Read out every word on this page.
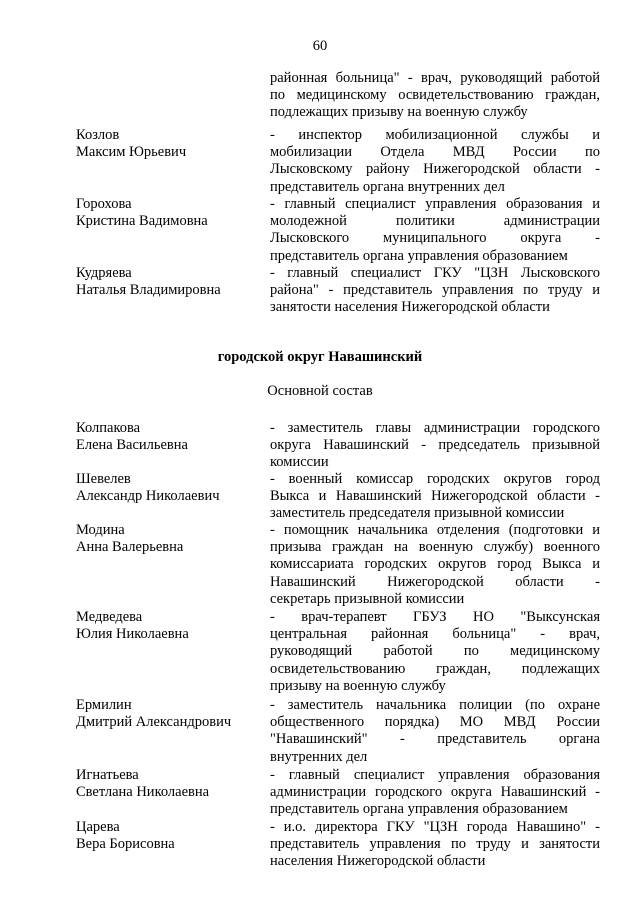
60
районная больница" - врач, руководящий работой
по медицинскому освидетельствованию граждан,
подлежащих призыву на военную службу
Козлов
Максим Юрьевич
- инспектор мобилизационной службы и
мобилизации Отдела МВД России по
Лысковскому району Нижегородской области -
представитель органа внутренних дел
Горохова
Кристина Вадимовна
- главный специалист управления образования и
молодежной политики администрации
Лысковского муниципального округа -
представитель органа управления образованием
Кудряева
Наталья Владимировна
- главный специалист ГКУ "ЦЗН Лысковского
района" - представитель управления по труду и
занятости населения Нижегородской области
городской округ Навашинский
Основной состав
Колпакова
Елена Васильевна
- заместитель главы администрации городского
округа Навашинский - председатель призывной
комиссии
Шевелев
Александр Николаевич
- военный комиссар городских округов город
Выкса и Навашинский Нижегородской области -
заместитель председателя призывной комиссии
Модина
Анна Валерьевна
- помощник начальника отделения (подготовки и
призыва граждан на военную службу) военного
комиссариата городских округов город Выкса и
Навашинский Нижегородской области -
секретарь призывной комиссии
Медведева
Юлия Николаевна
- врач-терапевт ГБУЗ НО "Выксунская
центральная районная больница" - врач,
руководящий работой по медицинскому
освидетельствованию граждан, подлежащих
призыву на военную службу
Ермилин
Дмитрий Александрович
- заместитель начальника полиции (по охране
общественного порядка) МО МВД России
"Навашинский" - представитель органа
внутренних дел
Игнатьева
Светлана Николаевна
- главный специалист управления образования
администрации городского округа Навашинский -
представитель органа управления образованием
Царева
Вера Борисовна
- и.о. директора ГКУ "ЦЗН города Навашино" -
представитель управления по труду и занятости
населения Нижегородской области
